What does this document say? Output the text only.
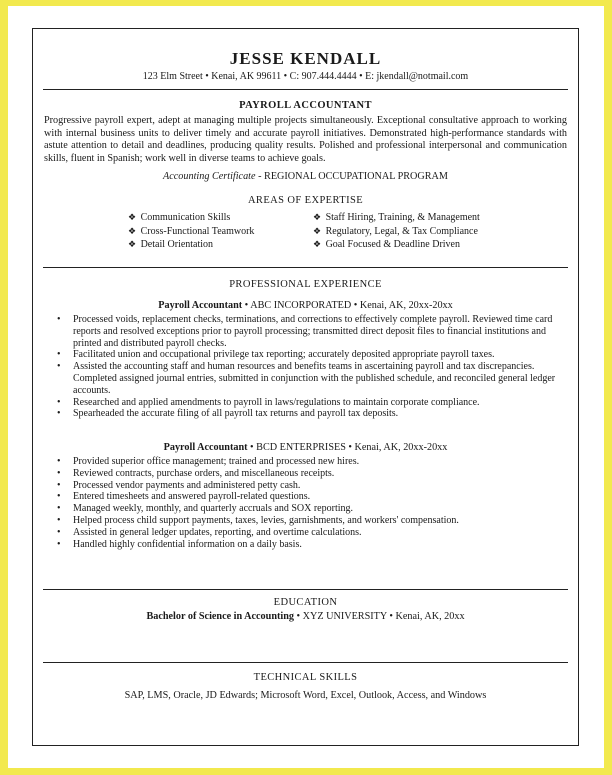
JESSE KENDALL
123 Elm Street • Kenai, AK 99611 • C: 907.444.4444 • E: jkendall@notmail.com
PAYROLL ACCOUNTANT
Progressive payroll expert, adept at managing multiple projects simultaneously. Exceptional consultative approach to working with internal business units to deliver timely and accurate payroll initiatives. Demonstrated high-performance standards with astute attention to detail and deadlines, producing quality results. Polished and professional interpersonal and communication skills, fluent in Spanish; work well in diverse teams to achieve goals.
Accounting Certificate - REGIONAL OCCUPATIONAL PROGRAM
AREAS OF EXPERTISE
❖ Communication Skills	❖ Staff Hiring, Training, & Management
❖ Cross-Functional Teamwork	❖ Regulatory, Legal, & Tax Compliance
❖ Detail Orientation	❖ Goal Focused & Deadline Driven
PROFESSIONAL EXPERIENCE
Payroll Accountant • ABC INCORPORATED • Kenai, AK, 20xx-20xx
• Processed voids, replacement checks, terminations, and corrections to effectively complete payroll. Reviewed time card reports and resolved exceptions prior to payroll processing; transmitted direct deposit files to financial institutions and printed and distributed payroll checks.
• Facilitated union and occupational privilege tax reporting; accurately deposited appropriate payroll taxes.
• Assisted the accounting staff and human resources and benefits teams in ascertaining payroll and tax discrepancies. Completed assigned journal entries, submitted in conjunction with the published schedule, and reconciled general ledger accounts.
• Researched and applied amendments to payroll in laws/regulations to maintain corporate compliance.
• Spearheaded the accurate filing of all payroll tax returns and payroll tax deposits.
Payroll Accountant • BCD ENTERPRISES • Kenai, AK, 20xx-20xx
• Provided superior office management; trained and processed new hires.
• Reviewed contracts, purchase orders, and miscellaneous receipts.
• Processed vendor payments and administered petty cash.
• Entered timesheets and answered payroll-related questions.
• Managed weekly, monthly, and quarterly accruals and SOX reporting.
• Helped process child support payments, taxes, levies, garnishments, and workers' compensation.
• Assisted in general ledger updates, reporting, and overtime calculations.
• Handled highly confidential information on a daily basis.
EDUCATION
Bachelor of Science in Accounting • XYZ UNIVERSITY • Kenai, AK, 20xx
TECHNICAL SKILLS
SAP, LMS, Oracle, JD Edwards; Microsoft Word, Excel, Outlook, Access, and Windows
